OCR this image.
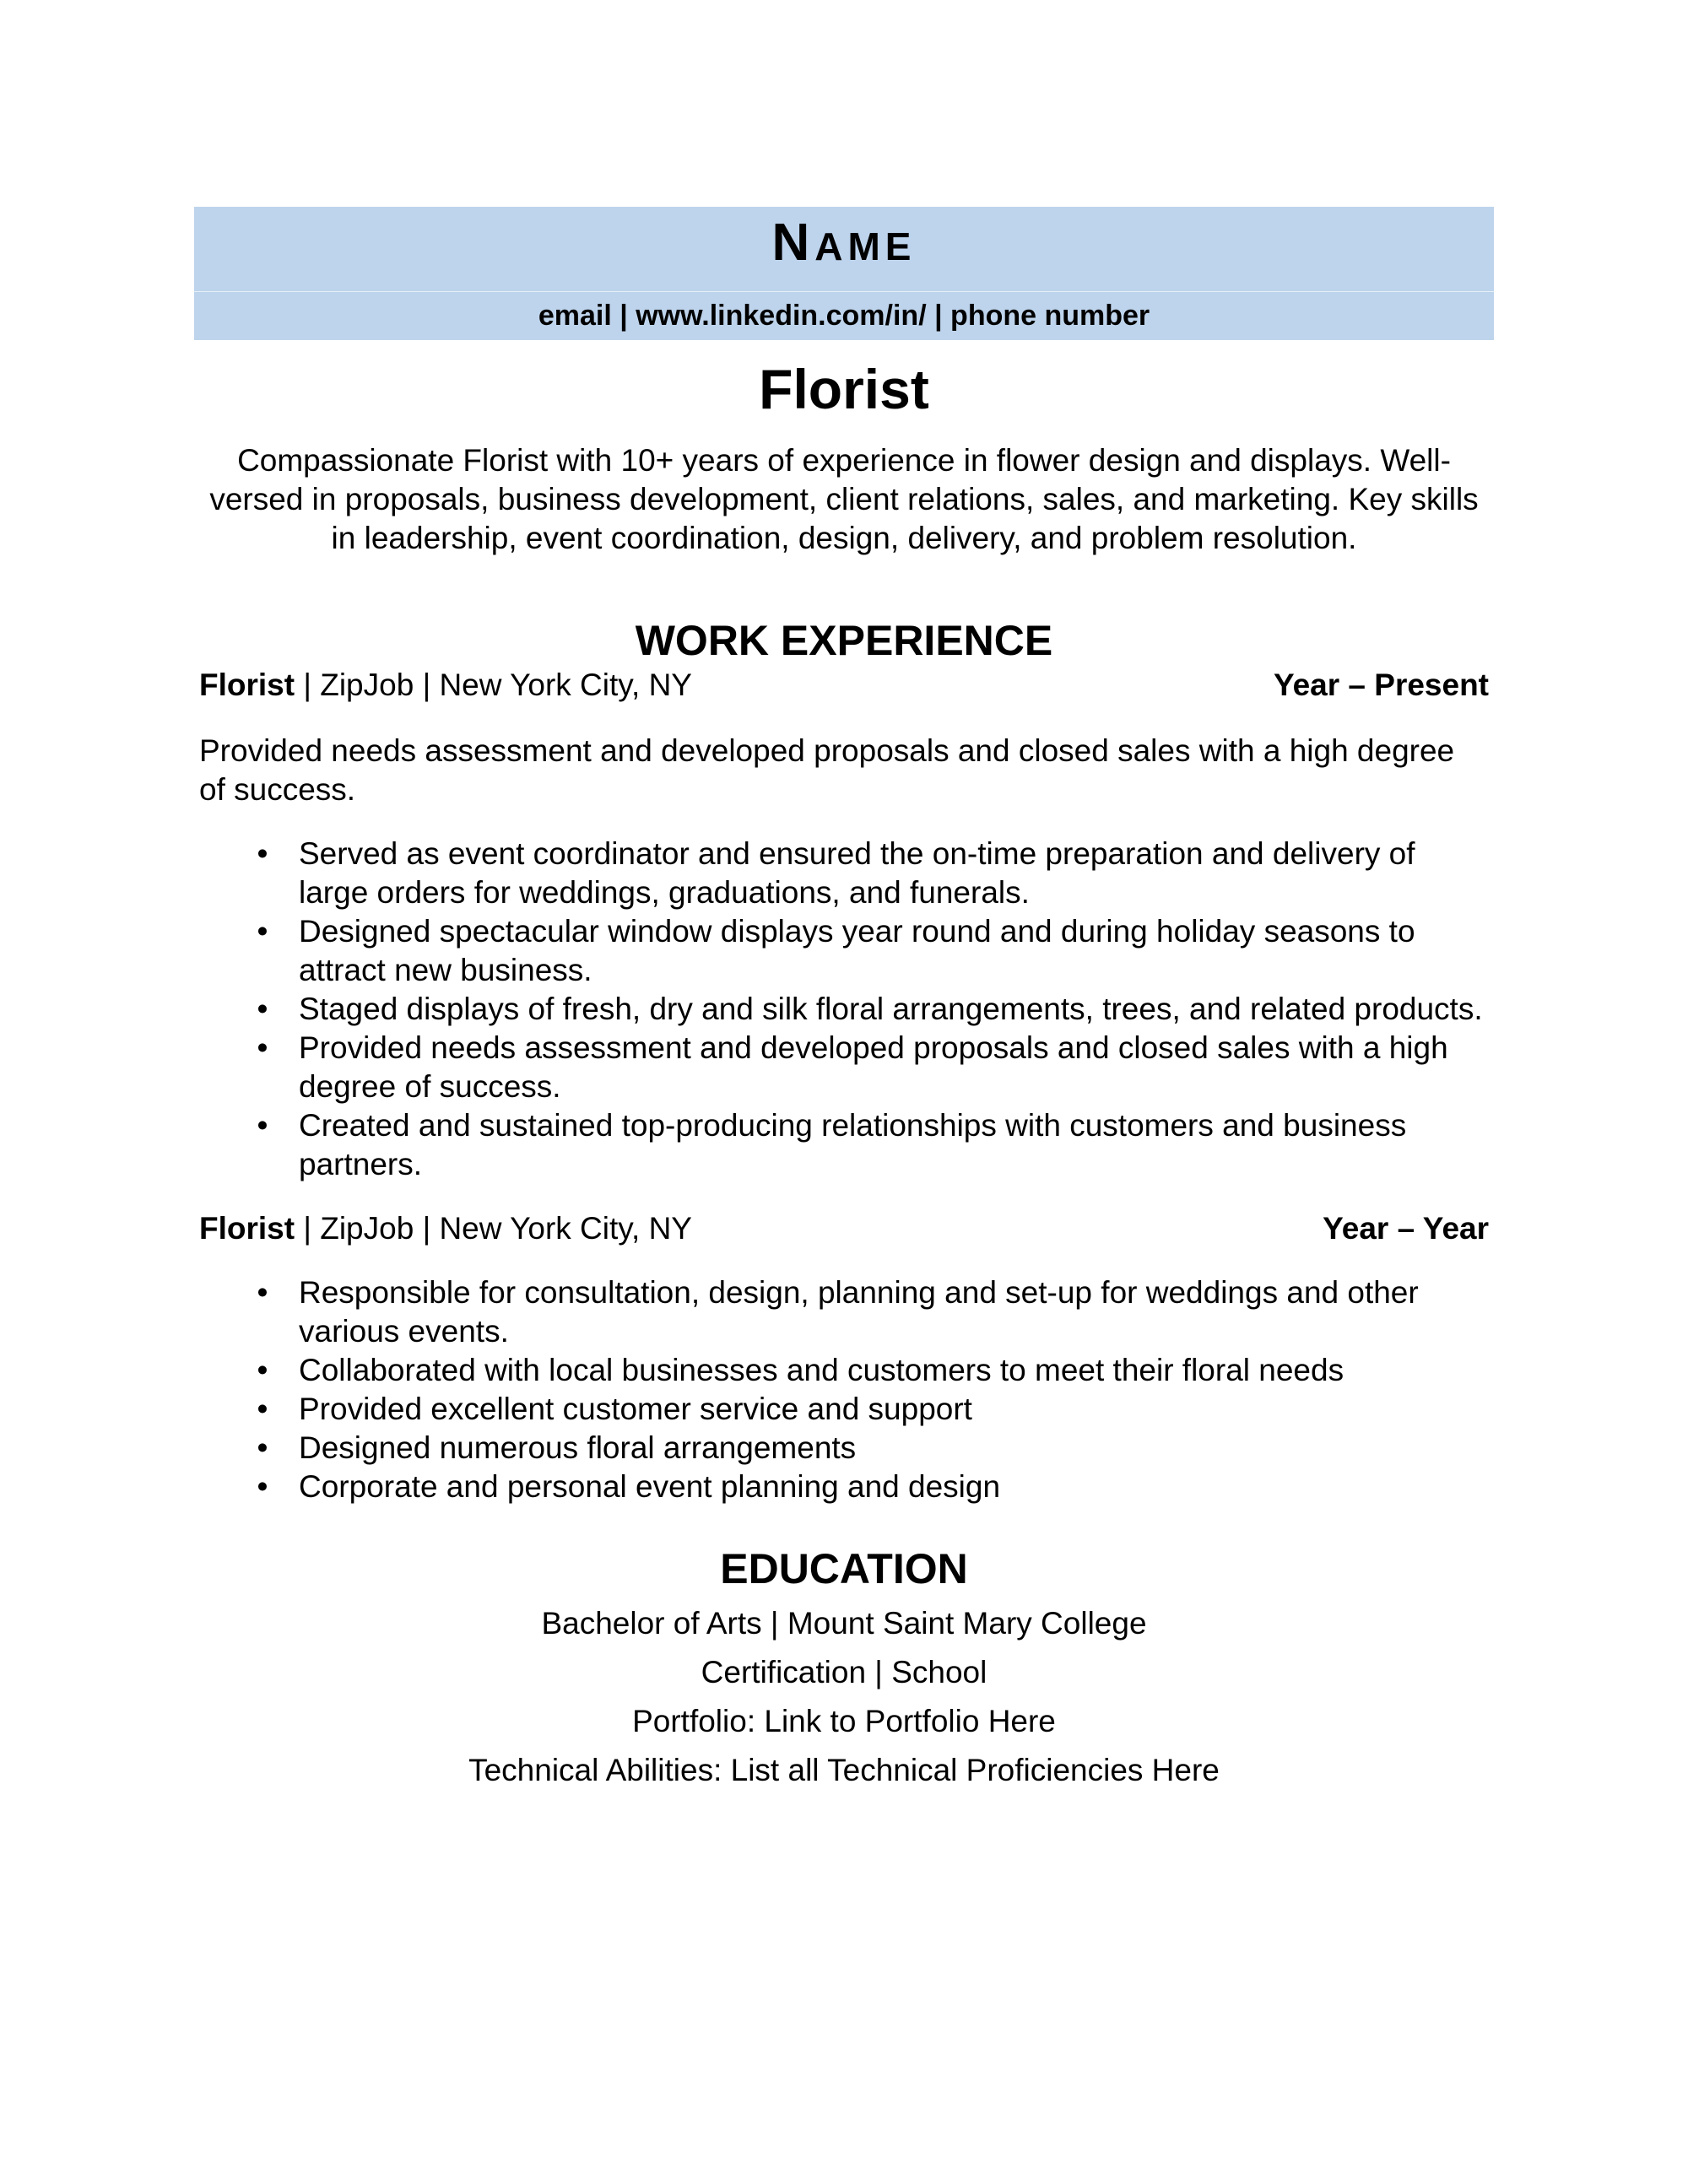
NAME
email | www.linkedin.com/in/ | phone number
Florist
Compassionate Florist with 10+ years of experience in flower design and displays. Well-versed in proposals, business development, client relations, sales, and marketing. Key skills in leadership, event coordination, design, delivery, and problem resolution.
WORK EXPERIENCE
Florist | ZipJob | New York City, NY	Year – Present
Provided needs assessment and developed proposals and closed sales with a high degree of success.
• Served as event coordinator and ensured the on-time preparation and delivery of large orders for weddings, graduations, and funerals.
• Designed spectacular window displays year round and during holiday seasons to attract new business.
• Staged displays of fresh, dry and silk floral arrangements, trees, and related products.
• Provided needs assessment and developed proposals and closed sales with a high degree of success.
• Created and sustained top-producing relationships with customers and business partners.
Florist | ZipJob | New York City, NY	Year – Year
• Responsible for consultation, design, planning and set-up for weddings and other various events.
• Collaborated with local businesses and customers to meet their floral needs
• Provided excellent customer service and support
• Designed numerous floral arrangements
• Corporate and personal event planning and design
EDUCATION
Bachelor of Arts | Mount Saint Mary College
Certification | School
Portfolio: Link to Portfolio Here
Technical Abilities: List all Technical Proficiencies Here
